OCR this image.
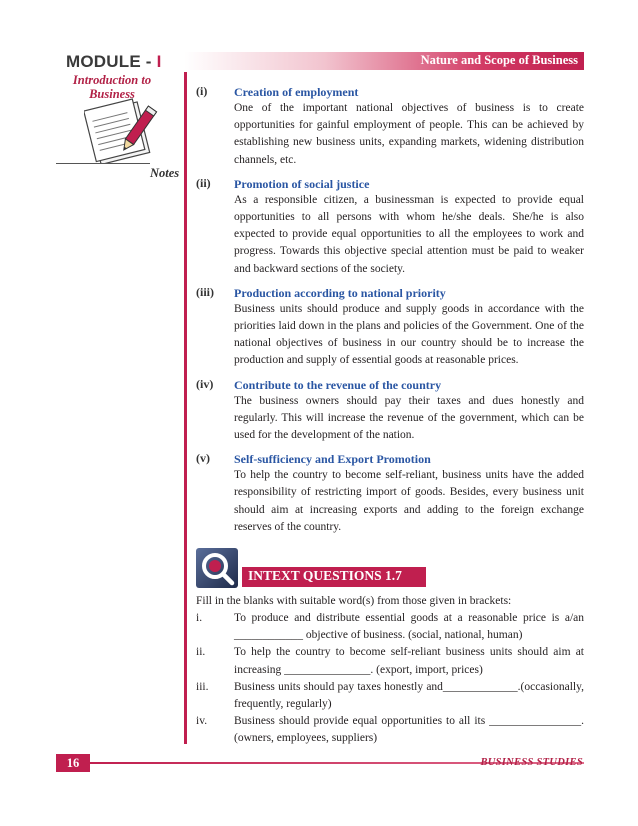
MODULE - I
Introduction to Business
Nature and Scope of Business
Notes
(i) Creation of employment
One of the important national objectives of business is to create opportunities for gainful employment of people. This can be achieved by establishing new business units, expanding markets, widening distribution channels, etc.
(ii) Promotion of social justice
As a responsible citizen, a businessman is expected to provide equal opportunities to all persons with whom he/she deals. She/he is also expected to provide equal opportunities to all the employees to work and progress. Towards this objective special attention must be paid to weaker and backward sections of the society.
(iii) Production according to national priority
Business units should produce and supply goods in accordance with the priorities laid down in the plans and policies of the Government. One of the national objectives of business in our country should be to increase the production and supply of essential goods at reasonable prices.
(iv) Contribute to the revenue of the country
The business owners should pay their taxes and dues honestly and regularly. This will increase the revenue of the government, which can be used for the development of the nation.
(v) Self-sufficiency and Export Promotion
To help the country to become self-reliant, business units have the added responsibility of restricting import of goods. Besides, every business unit should aim at increasing exports and adding to the foreign exchange reserves of the country.
INTEXT QUESTIONS 1.7
Fill in the blanks with suitable word(s) from those given in brackets:
i.	To produce and distribute essential goods at a reasonable price is a/an ____________ objective of business. (social, national, human)
ii. To help the country to become self-reliant business units should aim at increasing _______________. (export, import, prices)
iii. Business units should pay taxes honestly and_____________.(occasionally, frequently, regularly)
iv. Business should provide equal opportunities to all its ________________. (owners, employees, suppliers)
16	BUSINESS STUDIES
